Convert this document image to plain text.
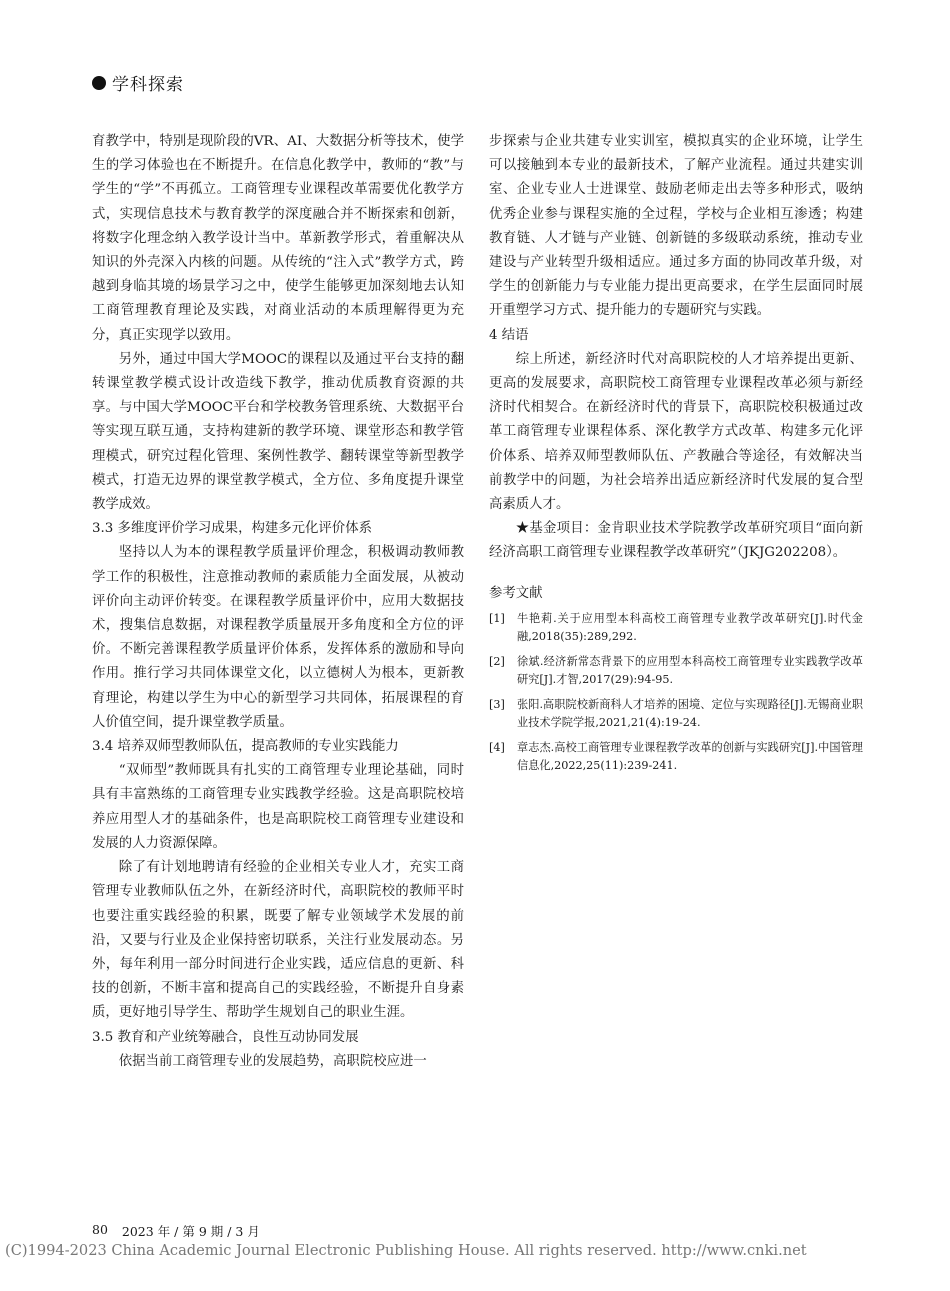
学科探索

育教学中，特别是现阶段的VR、AI、大数据分析等技术，使学生的学习体验也在不断提升。在信息化教学中，教师的“教”与学生的“学”不再孤立。工商管理专业课程改革需要优化教学方式，实现信息技术与教育教学的深度融合并不断探索和创新，将数字化理念纳入教学设计当中。革新教学形式，着重解决从知识的外壳深入内核的问题。从传统的“注入式”教学方式，跨越到身临其境的场景学习之中，使学生能够更加深刻地去认知工商管理教育理论及实践，对商业活动的本质理解得更为充分，真正实现学以致用。

另外，通过中国大学MOOC的课程以及通过平台支持的翻转课堂教学模式设计改造线下教学，推动优质教育资源的共享。与中国大学MOOC平台和学校教务管理系统、大数据平台等实现互联互通，支持构建新的教学环境、课堂形态和教学管理模式，研究过程化管理、案例性教学、翻转课堂等新型教学模式，打造无边界的课堂教学模式，全方位、多角度提升课堂教学成效。

3.3 多维度评价学习成果，构建多元化评价体系

坚持以人为本的课程教学质量评价理念，积极调动教师教学工作的积极性，注意推动教师的素质能力全面发展，从被动评价向主动评价转变。在课程教学质量评价中，应用大数据技术，搜集信息数据，对课程教学质量展开多角度和全方位的评价。不断完善课程教学质量评价体系，发挥体系的激励和导向作用。推行学习共同体课堂文化，以立德树人为根本，更新教育理论，构建以学生为中心的新型学习共同体，拓展课程的育人价值空间，提升课堂教学质量。

3.4 培养双师型教师队伍，提高教师的专业实践能力

“双师型”教师既具有扎实的工商管理专业理论基础，同时具有丰富熟练的工商管理专业实践教学经验。这是高职院校培养应用型人才的基础条件，也是高职院校工商管理专业建设和发展的人力资源保障。

除了有计划地聘请有经验的企业相关专业人才，充实工商管理专业教师队伍之外，在新经济时代，高职院校的教师平时也要注重实践经验的积累，既要了解专业领域学术发展的前沿，又要与行业及企业保持密切联系，关注行业发展动态。另外，每年利用一部分时间进行企业实践，适应信息的更新、科技的创新，不断丰富和提高自己的实践经验，不断提升自身素质，更好地引导学生、帮助学生规划自己的职业生涯。

3.5 教育和产业统筹融合，良性互动协同发展

依据当前工商管理专业的发展趋势，高职院校应进一

步探索与企业共建专业实训室，模拟真实的企业环境，让学生可以接触到本专业的最新技术，了解产业流程。通过共建实训室、企业专业人士进课堂、鼓励老师走出去等多种形式，吸纳优秀企业参与课程实施的全过程，学校与企业相互渗透；构建教育链、人才链与产业链、创新链的多级联动系统，推动专业建设与产业转型升级相适应。通过多方面的协同改革升级，对学生的创新能力与专业能力提出更高要求，在学生层面同时展开重塑学习方式、提升能力的专题研究与实践。

4 结语

综上所述，新经济时代对高职院校的人才培养提出更新、更高的发展要求，高职院校工商管理专业课程改革必须与新经济时代相契合。在新经济时代的背景下，高职院校积极通过改革工商管理专业课程体系、深化教学方式改革、构建多元化评价体系、培养双师型教师队伍、产教融合等途径，有效解决当前教学中的问题，为社会培养出适应新经济时代发展的复合型高素质人才。

★基金项目：金肯职业技术学院教学改革研究项目“面向新经济高职工商管理专业课程教学改革研究”（JKJG202208）。

参考文献

[1]	牛艳莉.关于应用型本科高校工商管理专业教学改革研究[J].时代金融,2018(35):289,292.
[2]	徐斌.经济新常态背景下的应用型本科高校工商管理专业实践教学改革研究[J].才智,2017(29):94-95.
[3]	张阳.高职院校新商科人才培养的困境、定位与实现路径[J].无锡商业职业技术学院学报,2021,21(4):19-24.
[4]	章志杰.高校工商管理专业课程教学改革的创新与实践研究[J].中国管理信息化,2022,25(11):239-241.
80 2023 年 / 第 9 期 / 3 月
(C)1994-2023 China Academic Journal Electronic Publishing House. All rights reserved. http://www.cnki.net
